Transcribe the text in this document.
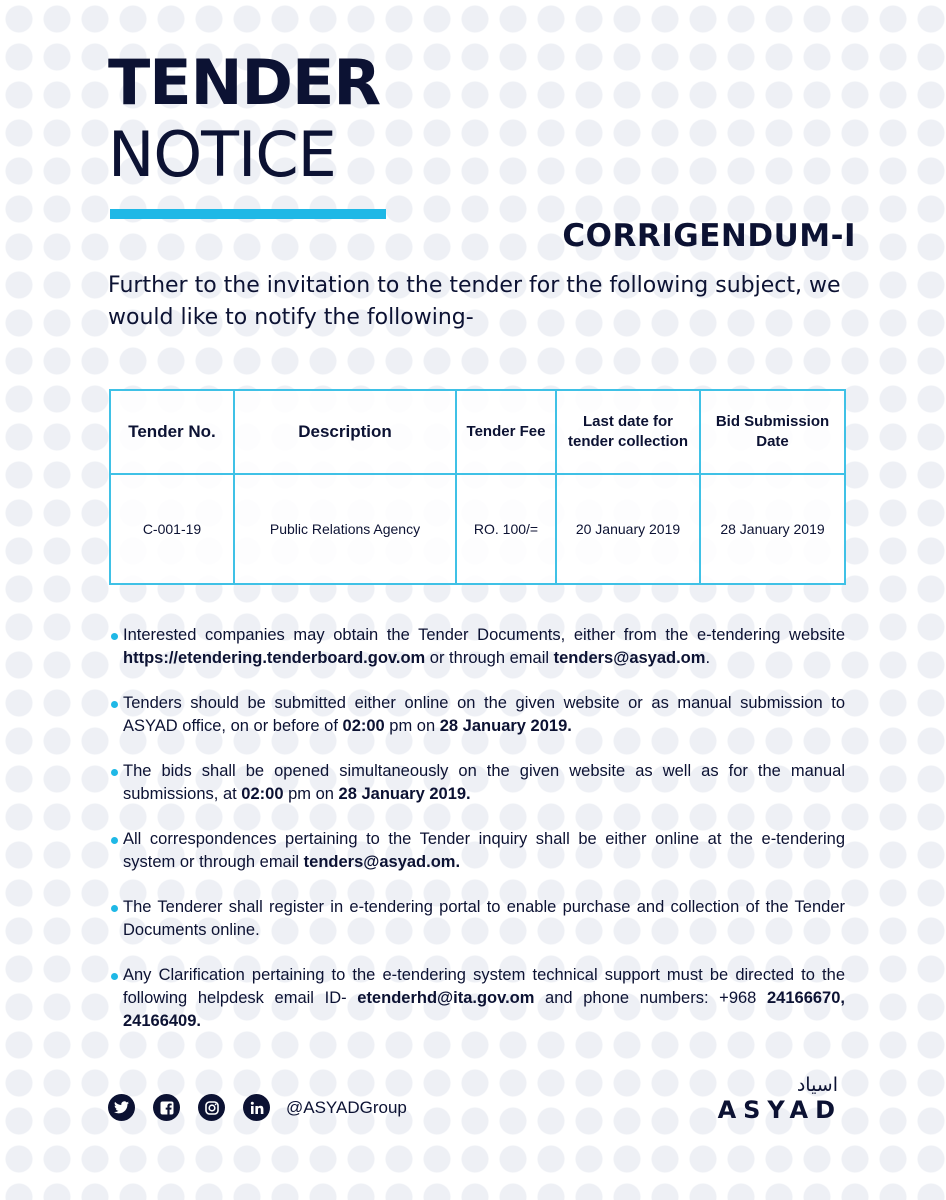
TENDER
NOTICE
CORRIGENDUM-I
Further to the invitation to the tender for the following subject, we would like to notify the following-
Tender No.	Description	Tender Fee	Last date for tender collection	Bid Submission Date
C-001-19	Public Relations Agency	RO. 100/=	20 January 2019	28 January 2019
Interested companies may obtain the Tender Documents, either from the e-tendering website https://etendering.tenderboard.gov.om or through email tenders@asyad.om.
Tenders should be submitted either online on the given website or as manual submission to ASYAD office, on or before of 02:00 pm on 28 January 2019.
The bids shall be opened simultaneously on the given website as well as for the manual submissions, at 02:00 pm on 28 January 2019.
All correspondences pertaining to the Tender inquiry shall be either online at the e-tendering system or through email tenders@asyad.om.
The Tenderer shall register in e-tendering portal to enable purchase and collection of the Tender Documents online.
Any Clarification pertaining to the e-tendering system technical support must be directed to the following helpdesk email ID- etenderhd@ita.gov.om and phone numbers: +968 24166670, 24166409.
@ASYADGroup
اسياد
ASYAD
